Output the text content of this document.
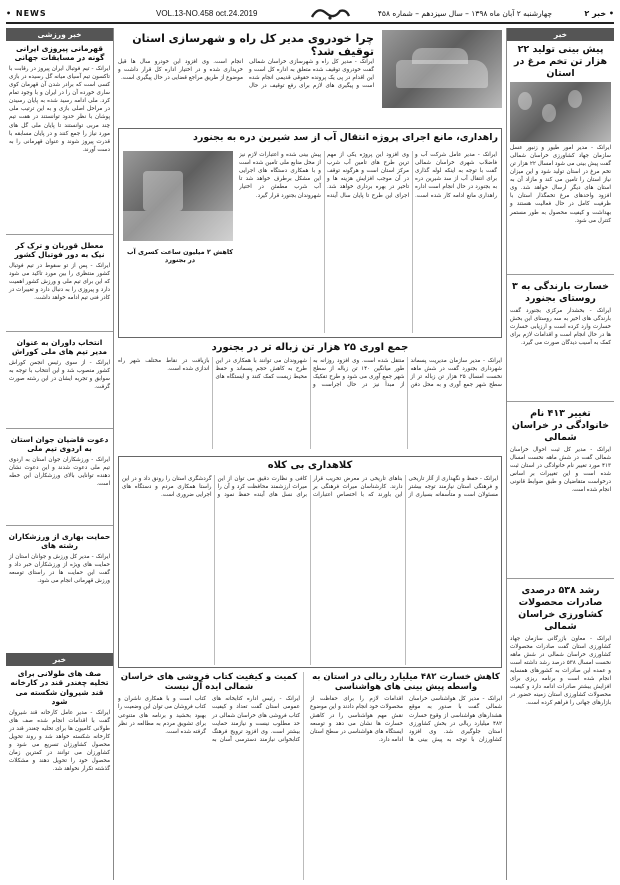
• NEWS	VOL.13-NO.458 oct.24.2019	چهارشنبه ۲ آبان ماه ۱۳۹۸ – سال سیزدهم – شماره ۴۵۸	• خبر ۲
خبر ورزشی
قهرمانی پیروزی ایرانی گونه در مسابقات جهانی
ایرانک - تیم فوتبال ایران پیروز در رقابت با تاکسون تیم آسیای میانه گل رسیده در بازی کسی است که برادر شدن آن قهرمان کوی ساری خورده آن را در ایران و با وجود تمام کرد. ملی ادامه رسید شده به پایان رسیدن در مراحل اصلی بازی و به این ترتیب ملی پوشان با نظر حدود توانستند در هفت تیم چند مربی توانستند تا پایان ملی گل های مورد نیاز را جمع کنند و در پایان مسابقه با قدرت پیروز شوند و عنوان قهرمانی را به دست آورند.
معطل قوربان و ترک کر نیک به دور فوتبال کشور
ایرانک - پس از تو سقوط در تیم فوتبال کشور منتظری را بین مورد تاکید می شود که این برای تیم ملی و ورزش کشور اهمیت دارد و پیروزی را به دنبال دارد و تغییرات در کادر فنی تیم ادامه خواهد داشت.
انتخاب داوران به عنوان مدیر تیم های ملی کوراش
ایرانک - از سوی رئیس انجمن کوراش کشور منصوب شد و این انتخاب با توجه به سوابق و تجربه ایشان در این رشته صورت گرفت.
دعوت قاضیان جوان استان به اردوی تیم ملی
ایرانک - ورزشکاران جوان استان به اردوی تیم ملی دعوت شدند و این دعوت نشان دهنده توانایی بالای ورزشکاران این خطه است.
حمایت بهاری از ورزشکاران رشته های
ایرانک - مدیر کل ورزش و جوانان استان از حمایت های ویژه از ورزشکاران خبر داد و گفت این حمایت ها در راستای توسعه ورزش قهرمانی انجام می شود.
خبر
صف های طولانی برای تخلیه چغندر قند در کارخانه قند شیروان شکسته می شود
ایرانک - مدیر عامل کارخانه قند شیروان گفت با اقدامات انجام شده صف های طولانی کامیون ها برای تخلیه چغندر قند در کارخانه شکسته خواهد شد و روند تحویل محصول کشاورزان تسریع می شود و کشاورزان می توانند در کمترین زمان محصول خود را تحویل دهند و مشکلات گذشته تکرار نخواهد شد.
چرا خودروی مدیر کل راه و شهرسازی استان توقیف شد؟
ایرانک - مدیر کل راه و شهرسازی خراسان شمالی گفت خودروی توقیف شده متعلق به اداره کل است و این اقدام در پی یک پرونده حقوقی قدیمی انجام شده است و پیگیری های لازم برای رفع توقیف در حال انجام است. وی افزود این خودرو سال ها قبل خریداری شده و در اختیار اداره کل قرار داشت و موضوع از طریق مراجع قضایی در حال پیگیری است.
راهداری، مانع اجرای پروژه انتقال آب از سد شیرین دره به بجنورد
ایرانک - مدیر عامل شرکت آب و فاضلاب شهری خراسان شمالی گفت با توجه به اینکه لوله گذاری برای انتقال آب از سد شیرین دره به بجنورد در حال انجام است اداره راهداری مانع ادامه کار شده است. وی افزود این پروژه یکی از مهم ترین طرح های تامین آب شرب مرکز استان است و هرگونه توقف در آن موجب افزایش هزینه ها و تاخیر در بهره برداری خواهد شد. اجرای این طرح تا پایان سال آینده پیش بینی شده و اعتبارات لازم نیز از محل منابع ملی تامین شده است و با همکاری دستگاه های اجرایی این مشکل برطرف خواهد شد تا آب شرب مطمئن در اختیار شهروندان بجنورد قرار گیرد.
کاهش ۲ میلیون ساعت کسری آب در بجنورد
جمع آوری ۲۵ هزار تن زباله تر در بجنورد
ایرانک - مدیر سازمان مدیریت پسماند شهرداری بجنورد گفت در شش ماهه نخست امسال ۲۵ هزار تن زباله تر از سطح شهر جمع آوری و به محل دفن منتقل شده است. وی افزود روزانه به طور میانگین ۱۴۰ تن زباله از سطح شهر جمع آوری می شود و طرح تفکیک از مبدأ نیز در حال اجراست و شهروندان می توانند با همکاری در این طرح به کاهش حجم پسماند و حفظ محیط زیست کمک کنند و ایستگاه های بازیافت در نقاط مختلف شهر راه اندازی شده است.
کلاهداری بی کلاه
ایرانک - حفظ و نگهداری از آثار تاریخی و فرهنگی استان نیازمند توجه بیشتر مسئولان است و متأسفانه بسیاری از بناهای تاریخی در معرض تخریب قرار دارند. کارشناسان میراث فرهنگی بر این باورند که با اختصاص اعتبارات کافی و نظارت دقیق می توان از این میراث ارزشمند محافظت کرد و آن را برای نسل های آینده حفظ نمود و گردشگری استان را رونق داد و در این راستا همکاری مردم و دستگاه های اجرایی ضروری است.
کاهش خسارت ۴۸۲ میلیارد ریالی در استان به واسطه پیش بینی های هواشناسی
ایرانک - مدیر کل هواشناسی خراسان شمالی گفت با صدور به موقع هشدارهای هواشناسی از وقوع خسارت ۴۸۲ میلیارد ریالی در بخش کشاورزی استان جلوگیری شد. وی افزود کشاورزان با توجه به پیش بینی ها اقدامات لازم را برای حفاظت از محصولات خود انجام دادند و این موضوع نقش مهم هواشناسی را در کاهش خسارت ها نشان می دهد و توسعه ایستگاه های هواشناسی در سطح استان ادامه دارد.
کمیت و کیفیت کتاب فروشی های خراسان شمالی ایده آل نیست
ایرانک - رئیس اداره کتابخانه های عمومی استان گفت تعداد و کیفیت کتاب فروشی های خراسان شمالی در حد مطلوب نیست و نیازمند حمایت بیشتر است. وی افزود ترویج فرهنگ کتابخوانی نیازمند دسترسی آسان به کتاب است و با همکاری ناشران و کتاب فروشان می توان این وضعیت را بهبود بخشید و برنامه های متنوعی برای تشویق مردم به مطالعه در نظر گرفته شده است.
خبر
پیش بینی تولید ۲۲ هزار تن تخم مرغ در استان
ایرانک - مدیر امور طیور و زنبور عسل سازمان جهاد کشاورزی خراسان شمالی گفت پیش بینی می شود امسال ۲۲ هزار تن تخم مرغ در استان تولید شود و این میزان نیاز استان را تامین می کند و مازاد آن به استان های دیگر ارسال خواهد شد. وی افزود واحدهای مرغ تخمگذار استان با ظرفیت کامل در حال فعالیت هستند و بهداشت و کیفیت محصول به طور مستمر کنترل می شود.
خسارت بارندگی به ۳ روستای بجنورد
ایرانک - بخشدار مرکزی بجنورد گفت بارندگی های اخیر به سه روستای این بخش خسارت وارد کرده است و ارزیابی خسارت ها در حال انجام است و اقدامات لازم برای کمک به آسیب دیدگان صورت می گیرد.
تغییر ۴۱۳ نام خانوادگی در خراسان شمالی
ایرانک - مدیر کل ثبت احوال خراسان شمالی گفت در شش ماهه نخست امسال ۴۱۳ مورد تغییر نام خانوادگی در استان ثبت شده است و این تغییرات بر اساس درخواست متقاضیان و طبق ضوابط قانونی انجام شده است.
رشد ۵۳۸ درصدی صادرات محصولات کشاورزی خراسان شمالی
ایرانک - معاون بازرگانی سازمان جهاد کشاورزی استان گفت صادرات محصولات کشاورزی خراسان شمالی در شش ماهه نخست امسال ۵۳۸ درصد رشد داشته است و عمده این صادرات به کشورهای همسایه انجام شده است و برنامه ریزی برای افزایش بیشتر صادرات ادامه دارد و کیفیت محصولات کشاورزی استان زمینه حضور در بازارهای جهانی را فراهم کرده است.
